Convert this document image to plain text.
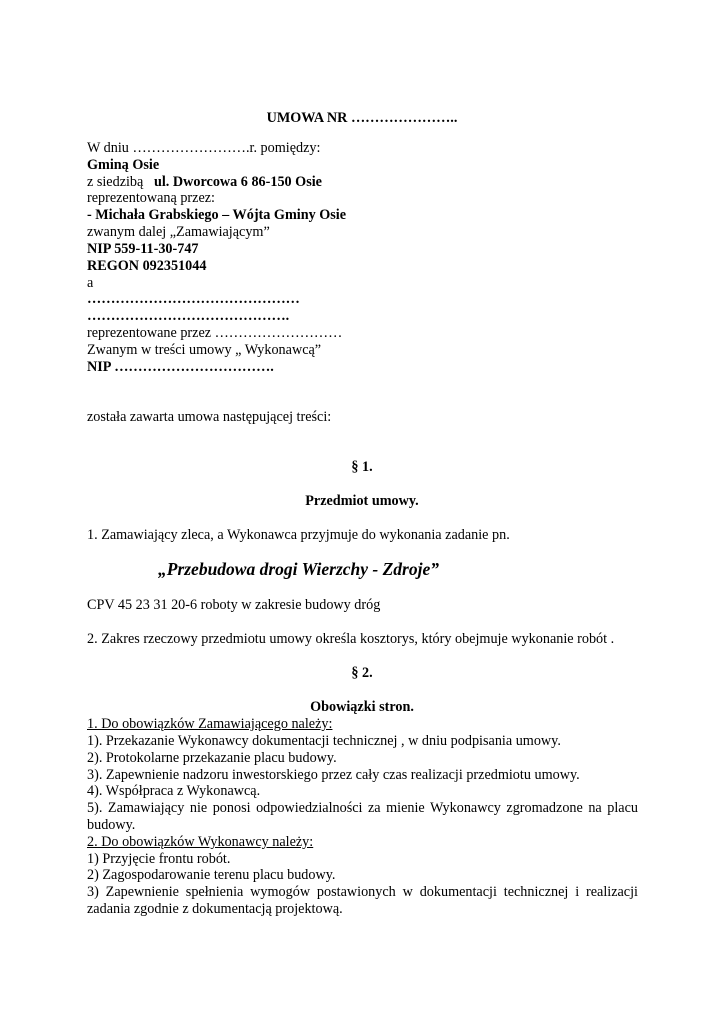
UMOWA NR …………………..
W dniu …………………….r. pomiędzy:
Gminą Osie
z siedzibą ul. Dworcowa 6 86-150 Osie
reprezentowaną przez:
- Michała Grabskiego – Wójta Gminy Osie
zwanym dalej „Zamawiającym”
NIP 559-11-30-747
REGON 092351044
a
………………………………………
…………………………………….
reprezentowane przez ………………………
Zwanym w treści umowy „ Wykonawcą”
NIP …………………………….
została zawarta umowa następującej treści:
§ 1.
Przedmiot umowy.
1. Zamawiający zleca, a Wykonawca przyjmuje do wykonania zadanie pn.
„Przebudowa drogi Wierzchy - Zdroje”
CPV 45 23 31 20-6 roboty w zakresie budowy dróg
2. Zakres rzeczowy przedmiotu umowy określa kosztorys, który obejmuje wykonanie robót .
§ 2.
Obowiązki stron.
1. Do obowiązków Zamawiającego należy:
1). Przekazanie Wykonawcy dokumentacji technicznej , w dniu podpisania umowy.
2). Protokolarne przekazanie placu budowy.
3). Zapewnienie nadzoru inwestorskiego przez cały czas realizacji przedmiotu umowy.
4). Współpraca z Wykonawcą.
5). Zamawiający nie ponosi odpowiedzialności za mienie Wykonawcy zgromadzone na placu
budowy.
2. Do obowiązków Wykonawcy należy:
1) Przyjęcie frontu robót.
2) Zagospodarowanie terenu placu budowy.
3) Zapewnienie spełnienia wymogów postawionych w dokumentacji technicznej i realizacji
zadania zgodnie z dokumentacją projektową.
